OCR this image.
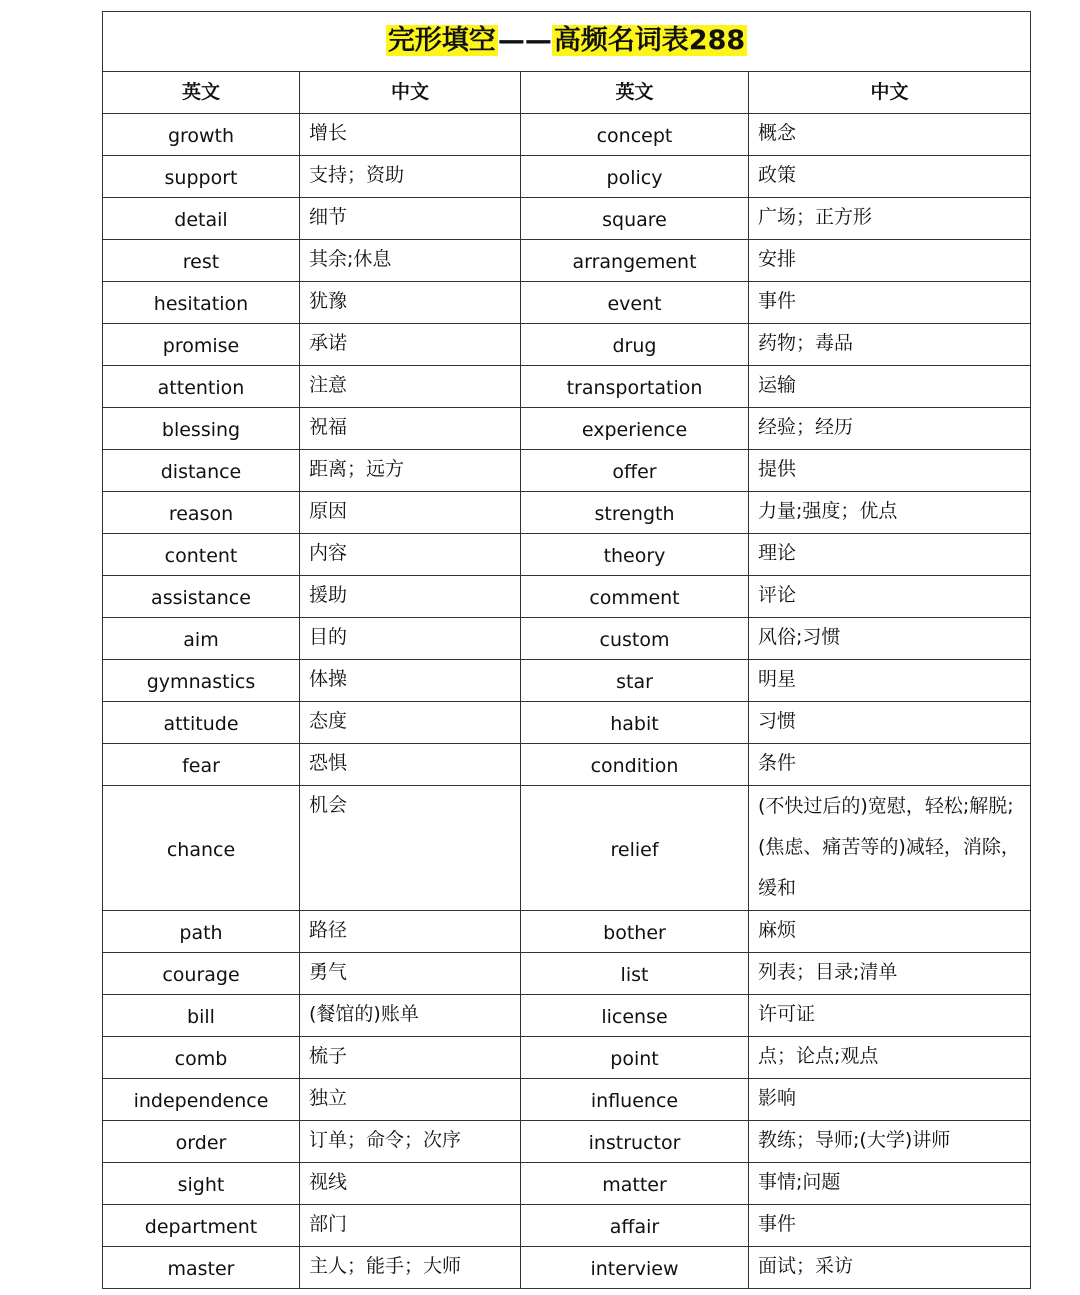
完形填空——高频名词表288			
英文	中文	英文	中文
growth	增长	concept	概念
support	支持；资助	policy	政策
detail	细节	square	广场；正方形
rest	其余;休息	arrangement	安排
hesitation	犹豫	event	事件
promise	承诺	drug	药物；毒品
attention	注意	transportation	运输
blessing	祝福	experience	经验；经历
distance	距离；远方	offer	提供
reason	原因	strength	力量;强度；优点
content	内容	theory	理论
assistance	援助	comment	评论
aim	目的	custom	风俗;习惯
gymnastics	体操	star	明星
attitude	态度	habit	习惯
fear	恐惧	condition	条件
chance	机会	relief	(不快过后的)宽慰，轻松;解脱;(焦虑、痛苦等的)减轻，消除，缓和
path	路径	bother	麻烦
courage	勇气	list	列表；目录;清单
bill	(餐馆的)账单	license	许可证
comb	梳子	point	点；论点;观点
independence	独立	influence	影响
order	订单；命令；次序	instructor	教练；导师;(大学)讲师
sight	视线	matter	事情;问题
department	部门	affair	事件
master	主人；能手；大师	interview	面试；采访
